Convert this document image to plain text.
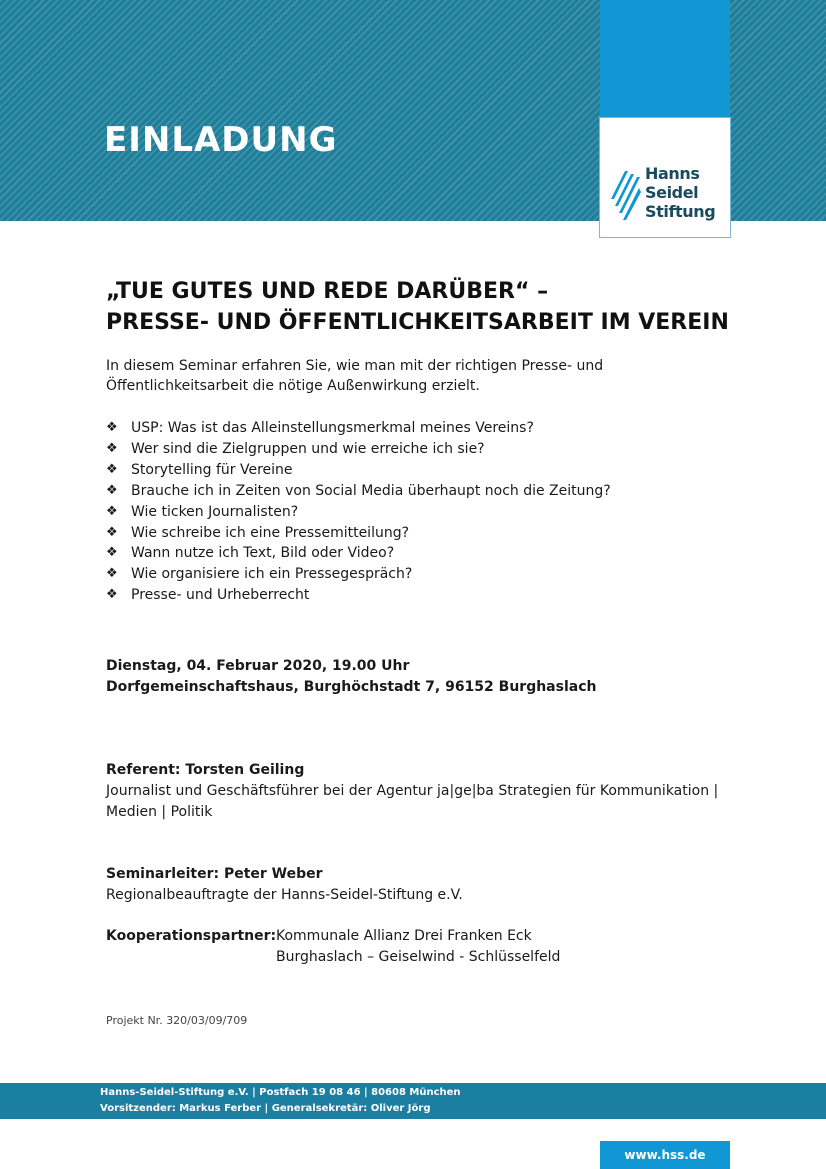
EINLADUNG
Hanns
Seidel
Stiftung
„TUE GUTES UND REDE DARÜBER“ –
PRESSE- UND ÖFFENTLICHKEITSARBEIT IM VEREIN
In diesem Seminar erfahren Sie, wie man mit der richtigen Presse- und
Öffentlichkeitsarbeit die nötige Außenwirkung erzielt.
❖ USP: Was ist das Alleinstellungsmerkmal meines Vereins?
❖ Wer sind die Zielgruppen und wie erreiche ich sie?
❖ Storytelling für Vereine
❖ Brauche ich in Zeiten von Social Media überhaupt noch die Zeitung?
❖ Wie ticken Journalisten?
❖ Wie schreibe ich eine Pressemitteilung?
❖ Wann nutze ich Text, Bild oder Video?
❖ Wie organisiere ich ein Pressegespräch?
❖ Presse- und Urheberrecht
Dienstag, 04. Februar 2020, 19.00 Uhr
Dorfgemeinschaftshaus, Burghöchstadt 7, 96152 Burghaslach
Referent: Torsten Geiling
Journalist und Geschäftsführer bei der Agentur ja|ge|ba Strategien für Kommunikation |
Medien | Politik
Seminarleiter: Peter Weber
Regionalbeauftragte der Hanns-Seidel-Stiftung e.V.
Kooperationspartner: Kommunale Allianz Drei Franken Eck
Burghaslach – Geiselwind - Schlüsselfeld
Projekt Nr. 320/03/09/709
Hanns-Seidel-Stiftung e.V. | Postfach 19 08 46 | 80608 München
Vorsitzender: Markus Ferber | Generalsekretär: Oliver Jörg
www.hss.de
